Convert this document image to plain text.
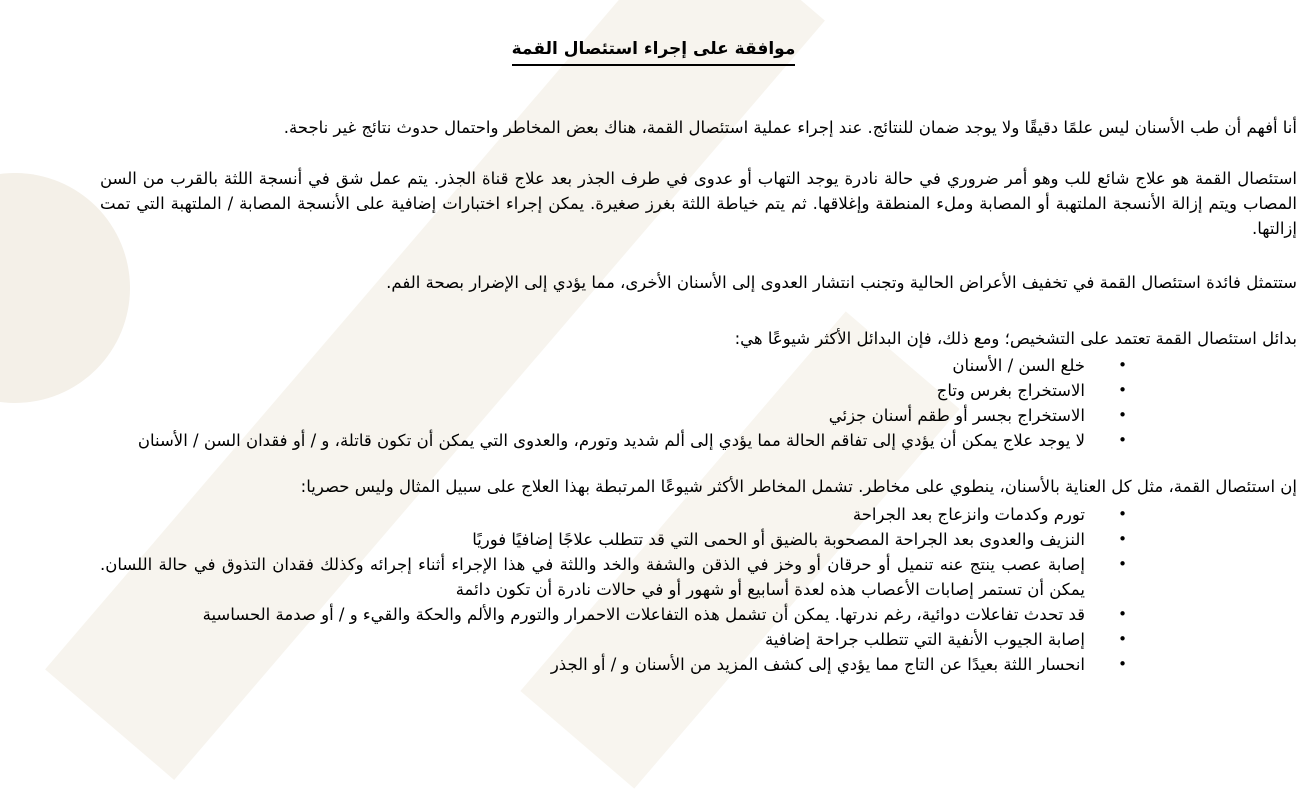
موافقة على إجراء استئصال القمة

أنا أفهم أن طب الأسنان ليس علمًا دقيقًا ولا يوجد ضمان للنتائج. عند إجراء عملية استئصال القمة، هناك بعض المخاطر واحتمال حدوث نتائج غير ناجحة.

استئصال القمة هو علاج شائع للب وهو أمر ضروري في حالة نادرة يوجد التهاب أو عدوى في طرف الجذر بعد علاج قناة الجذر. يتم عمل شق في أنسجة اللثة بالقرب من السن المصاب ويتم إزالة الأنسجة الملتهبة أو المصابة وملء المنطقة وإغلاقها. ثم يتم خياطة اللثة بغرز صغيرة. يمكن إجراء اختبارات إضافية على الأنسجة المصابة / الملتهبة التي تمت إزالتها.

ستتمثل فائدة استئصال القمة في تخفيف الأعراض الحالية وتجنب انتشار العدوى إلى الأسنان الأخرى، مما يؤدي إلى الإضرار بصحة الفم.

بدائل استئصال القمة تعتمد على التشخيص؛ ومع ذلك، فإن البدائل الأكثر شيوعًا هي:

• خلع السن / الأسنان
• الاستخراج بغرس وتاج
• الاستخراج بجسر أو طقم أسنان جزئي
• لا يوجد علاج يمكن أن يؤدي إلى تفاقم الحالة مما يؤدي إلى ألم شديد وتورم، والعدوى التي يمكن أن تكون قاتلة، و / أو فقدان السن / الأسنان

إن استئصال القمة، مثل كل العناية بالأسنان، ينطوي على مخاطر. تشمل المخاطر الأكثر شيوعًا المرتبطة بهذا العلاج على سبيل المثال وليس حصريا:

• تورم وكدمات وانزعاج بعد الجراحة
• النزيف والعدوى بعد الجراحة المصحوبة بالضيق أو الحمى التي قد تتطلب علاجًا إضافيًا فوريًا
• إصابة عصب ينتج عنه تنميل أو حرقان أو وخز في الذقن والشفة والخد واللثة في هذا الإجراء أثناء إجرائه وكذلك فقدان التذوق في حالة اللسان. يمكن أن تستمر إصابات الأعصاب هذه لعدة أسابيع أو شهور أو في حالات نادرة أن تكون دائمة
• قد تحدث تفاعلات دوائية، رغم ندرتها. يمكن أن تشمل هذه التفاعلات الاحمرار والتورم والألم والحكة والقيء و / أو صدمة الحساسية
• إصابة الجيوب الأنفية التي تتطلب جراحة إضافية
• انحسار اللثة بعيدًا عن التاج مما يؤدي إلى كشف المزيد من الأسنان و / أو الجذر
